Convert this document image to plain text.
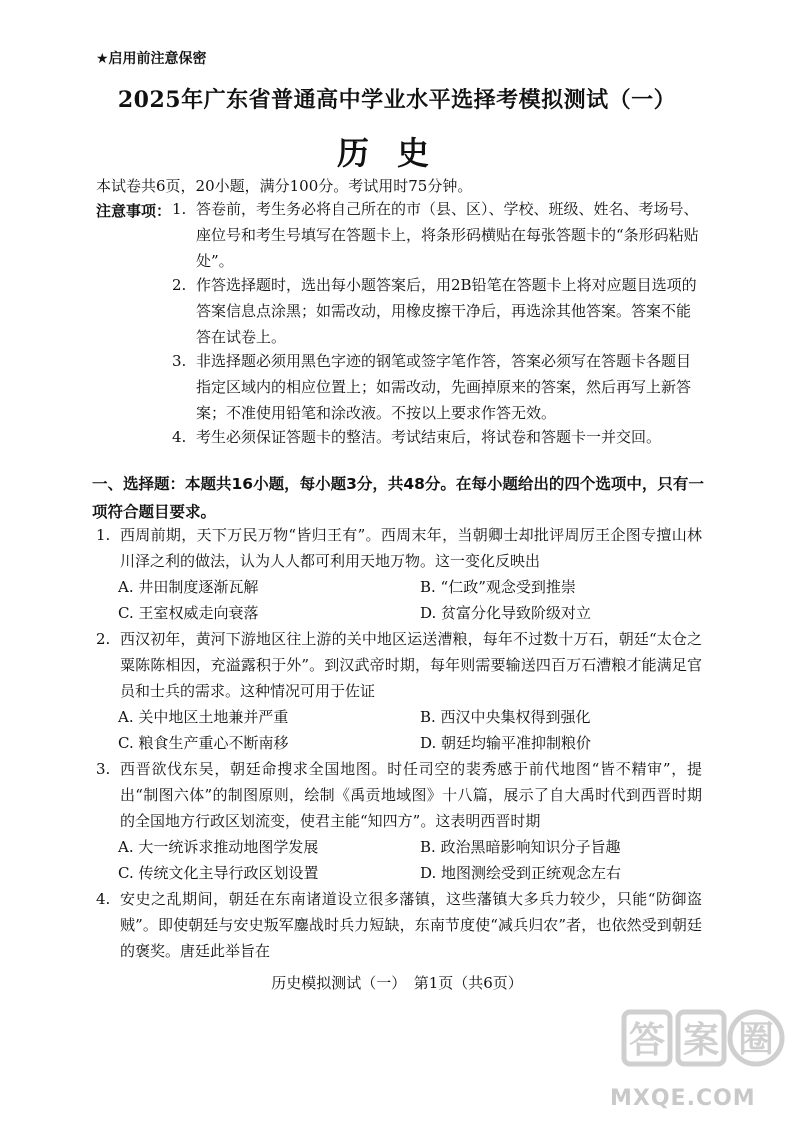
★启用前注意保密
2025年广东省普通高中学业水平选择考模拟测试（一）
历史
本试卷共6页，20小题，满分100分。考试用时75分钟。
注意事项： 1. 答卷前，考生务必将自己所在的市（县、区）、学校、班级、姓名、考场号、座位号和考生号填写在答题卡上，将条形码横贴在每张答题卡的“条形码粘贴处”。
2. 作答选择题时，选出每小题答案后，用2B铅笔在答题卡上将对应题目选项的答案信息点涂黑；如需改动，用橡皮擦干净后，再选涂其他答案。答案不能答在试卷上。
3. 非选择题必须用黑色字迹的钢笔或签字笔作答，答案必须写在答题卡各题目指定区域内的相应位置上；如需改动，先画掉原来的答案，然后再写上新答案；不准使用铅笔和涂改液。不按以上要求作答无效。
4. 考生必须保证答题卡的整洁。考试结束后，将试卷和答题卡一并交回。
一、选择题：本题共16小题，每小题3分，共48分。在每小题给出的四个选项中，只有一项符合题目要求。
1. 西周前期，天下万民万物“皆归王有”。西周末年，当朝卿士却批评周厉王企图专擅山林川泽之利的做法，认为人人都可利用天地万物。这一变化反映出
A. 井田制度逐渐瓦解	B. “仁政”观念受到推崇
C. 王室权威走向衰落	D. 贫富分化导致阶级对立
2. 西汉初年，黄河下游地区往上游的关中地区运送漕粮，每年不过数十万石，朝廷“太仓之粟陈陈相因，充溢露积于外”。到汉武帝时期，每年则需要输送四百万石漕粮才能满足官员和士兵的需求。这种情况可用于佐证
A. 关中地区土地兼并严重	B. 西汉中央集权得到强化
C. 粮食生产重心不断南移	D. 朝廷均输平准抑制粮价
3. 西晋欲伐东吴，朝廷命搜求全国地图。时任司空的裴秀感于前代地图“皆不精审”，提出“制图六体”的制图原则，绘制《禹贡地域图》十八篇，展示了自大禹时代到西晋时期的全国地方行政区划流变，使君主能“知四方”。这表明西晋时期
A. 大一统诉求推动地图学发展	B. 政治黑暗影响知识分子旨趣
C. 传统文化主导行政区划设置	D. 地图测绘受到正统观念左右
4. 安史之乱期间，朝廷在东南诸道设立很多藩镇，这些藩镇大多兵力较少，只能“防御盗贼”。即使朝廷与安史叛军鏖战时兵力短缺，东南节度使“减兵归农”者，也依然受到朝廷的褒奖。唐廷此举旨在
历史模拟测试（一）　第1页（共6页）
答 案 圈
MXQE.COM
